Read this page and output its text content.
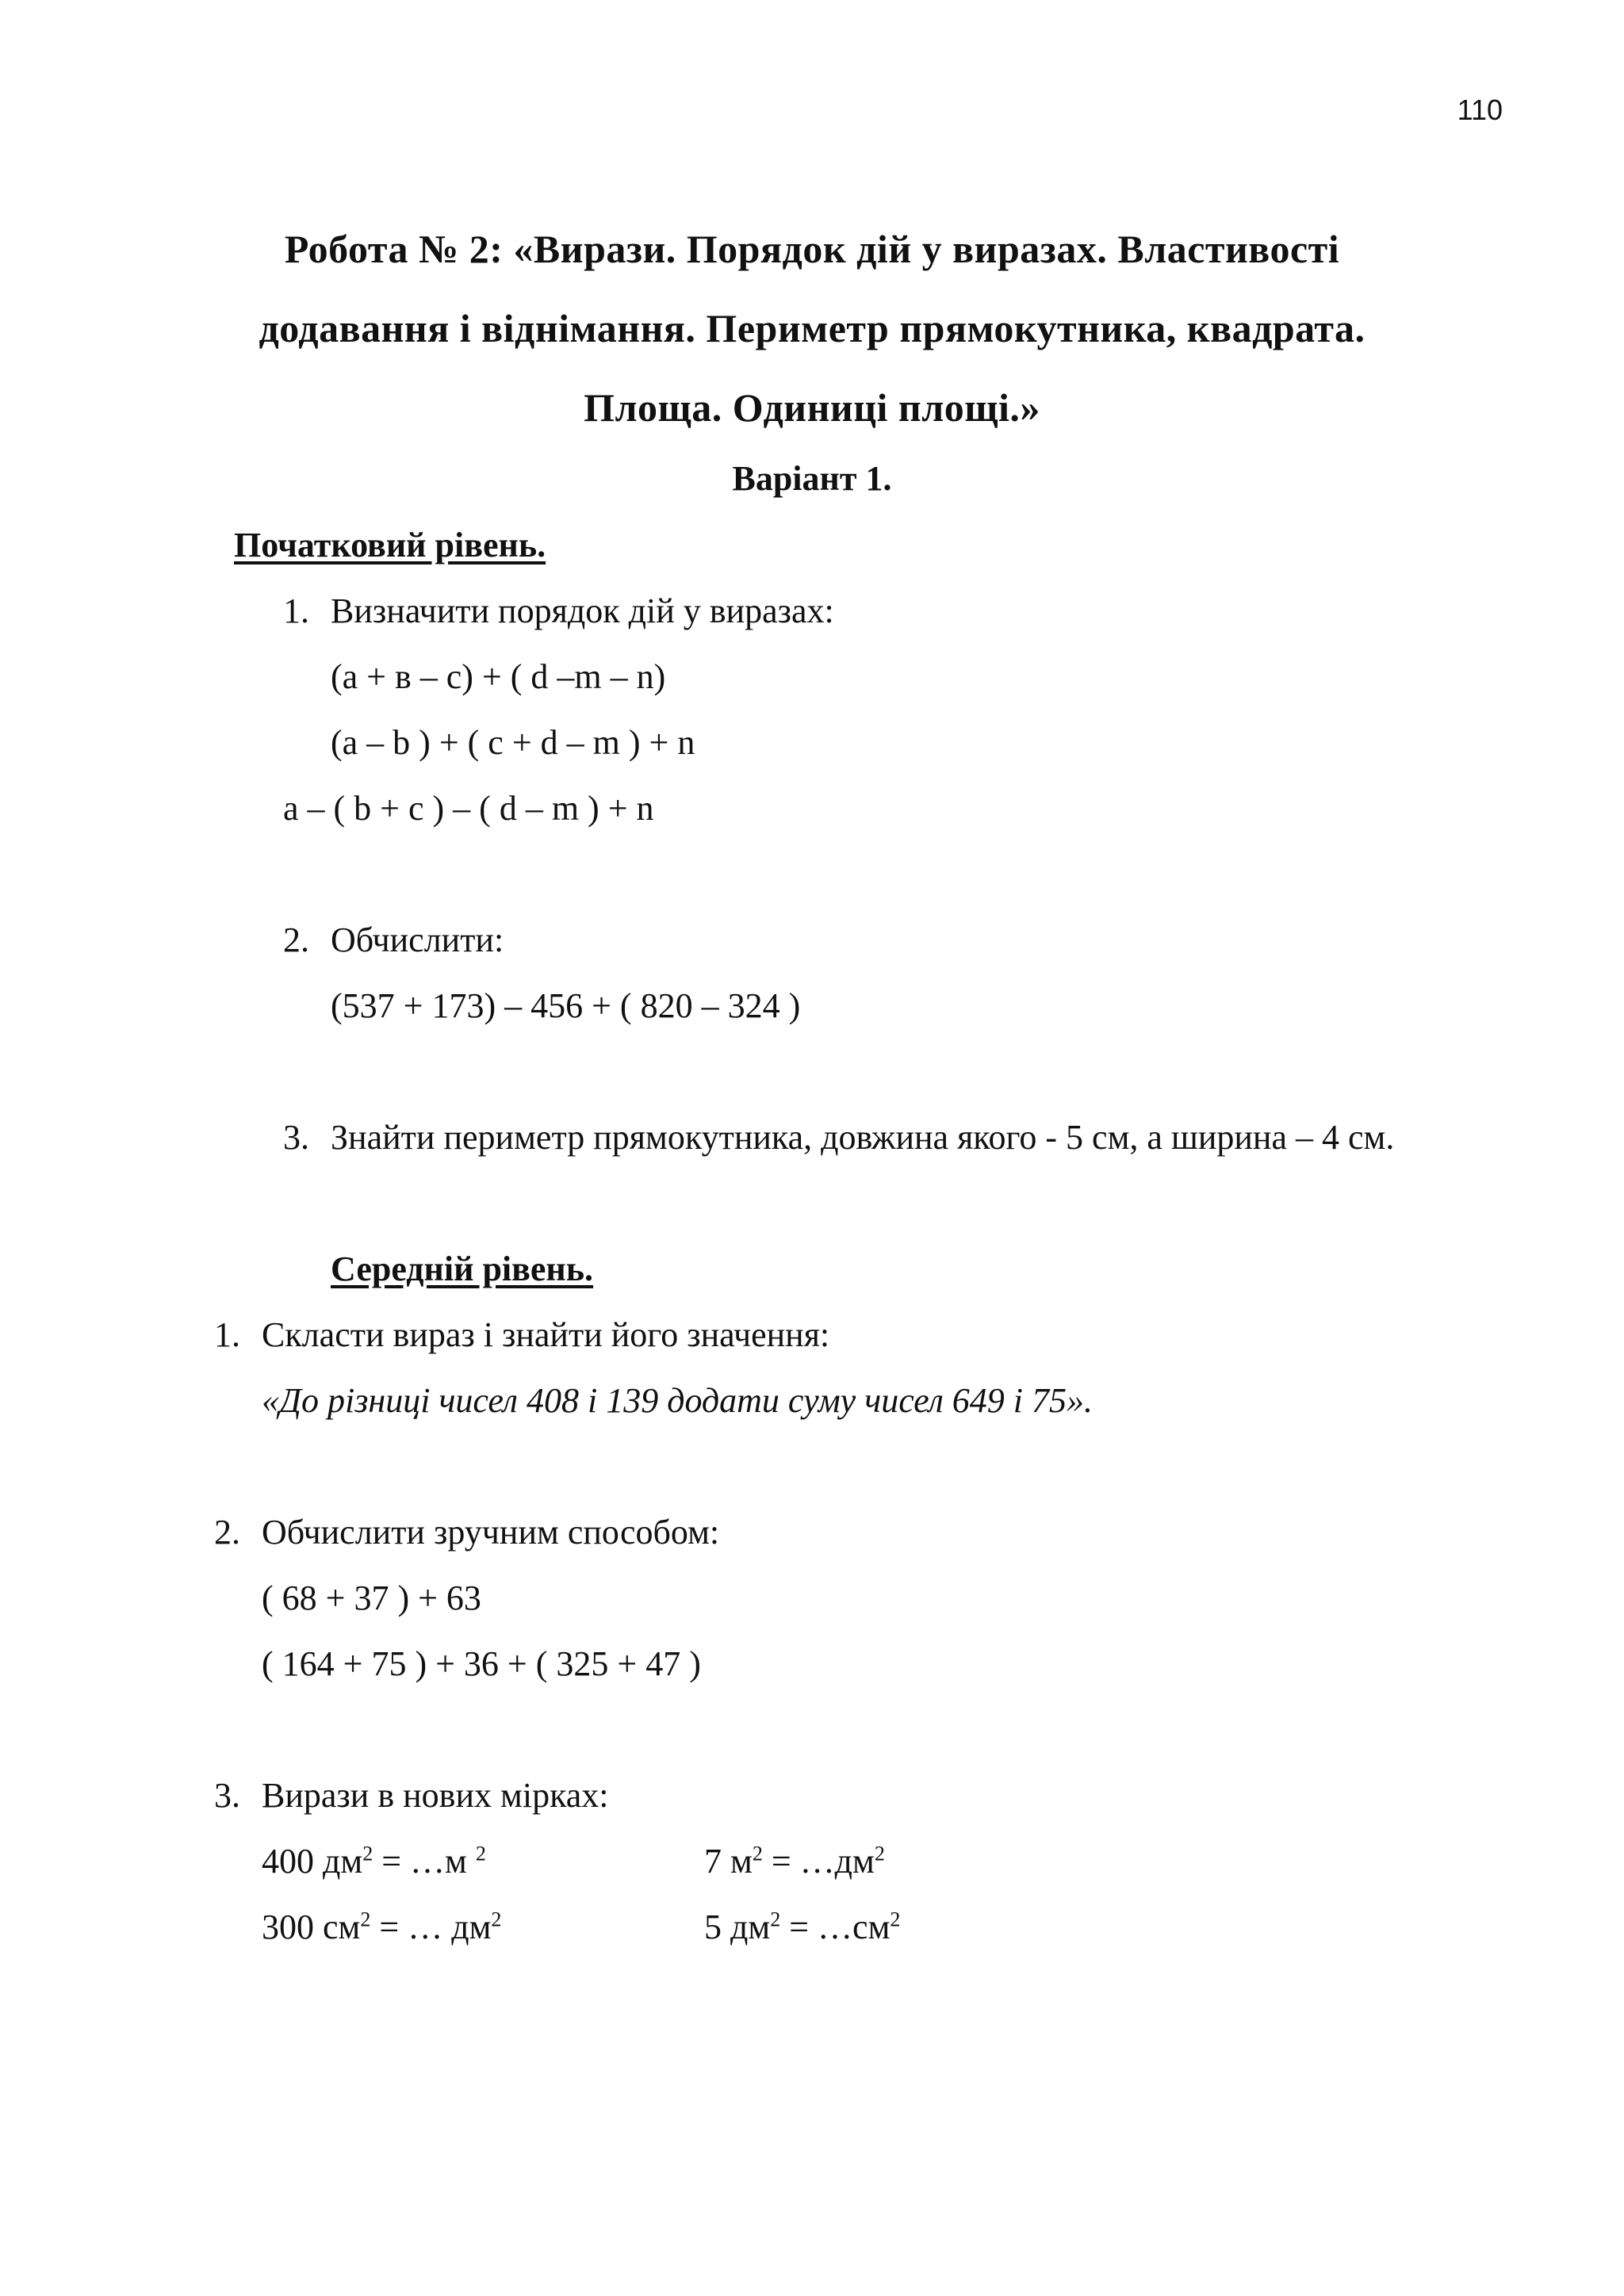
110
Робота № 2: «Вирази. Порядок дій у виразах. Властивості
додавання і віднімання. Периметр прямокутника, квадрата.
Площа. Одиниці площі.»
Варіант 1.
Початковий рівень.
1. Визначити порядок дій у виразах:
(а + в – с) + ( d –m – n)
(a – b ) + ( c + d – m ) + n
a – ( b + c ) – ( d – m ) + n
2. Обчислити:
(537 + 173) – 456 + ( 820 – 324 )
3. Знайти периметр прямокутника, довжина якого - 5 см, а ширина – 4 см.
Середній рівень.
1. Скласти вираз і знайти його значення:
«До різниці чисел 408 і 139 додати суму чисел 649 і 75».
2. Обчислити зручним способом:
( 68 + 37 ) + 63
( 164 + 75 ) + 36 + ( 325 + 47 )
3. Вирази в нових мірках:
400 $дм^2$ = …м $^2$	7 $м^2$ = $\dots дм^2$
300 $см^2$ = … $дм^2$	5 $дм^2$ = $\dots см^2$
